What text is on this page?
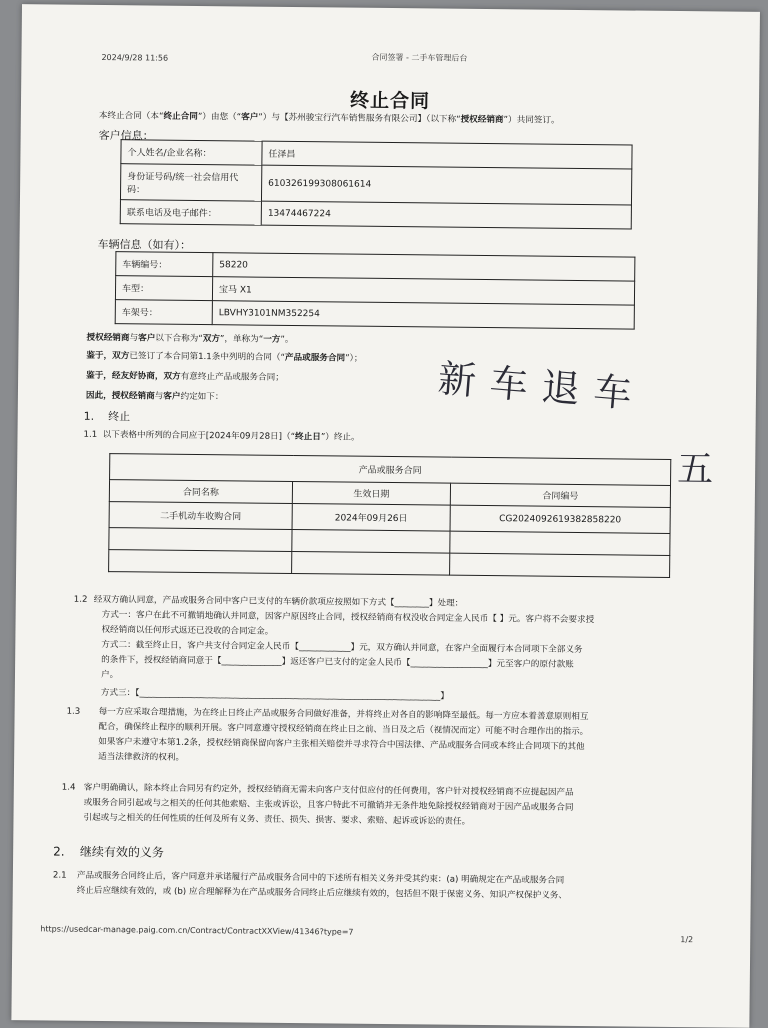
2024/9/28 11:56	合同签署 - 二手车管理后台
终止合同
本终止合同（本“终止合同”）由您（“客户”）与【苏州骏宝行汽车销售服务有限公司】（以下称“授权经销商”）共同签订。
客户信息：
个人姓名/企业名称：	任泽昌
身份证号码/统一社会信用代码：	610326199308061614
联系电话及电子邮件：	13474467224
车辆信息（如有）：
车辆编号：	58220
车型：	宝马 X1
车架号：	LBVHY3101NM352254
授权经销商与客户以下合称为“双方”，单称为“一方”。
鉴于，双方已签订了本合同第1.1条中列明的合同（“产品或服务合同”）；
鉴于，经友好协商，双方有意终止产品或服务合同；
因此，授权经销商与客户约定如下：
1. 终止
1.1 以下表格中所列的合同应于[2024年09月28日]（“终止日”）终止。
产品或服务合同		
合同名称	生效日期	合同编号
二手机动车收购合同	2024年09月26日	CG20240926193828582​20

1.2 经双方确认同意，产品或服务合同中客户已支付的车辆价款项应按照如下方式【________】处理：
方式一：客户在此不可撤销地确认并同意，因客户原因终止合同，授权经销商有权没收合同定金人民币【 】元。客户将不会要求授
权经销商以任何形式返还已没收的合同定金。
方式二：截至终止日，客户共支付合同定金人民币【____________】元，双方确认并同意，在客户全面履行本合同项下全部义务
的条件下，授权经销商同意于【______________】返还客户已支付的定金人民币【__________________】元至客户的原付款账
户。
方式三：【______________________________________________________________________】
1.3 每一方应采取合理措施，为在终止日终止产品或服务合同做好准备，并将终止对各自的影响降至最低。每一方应本着善意原则相互
配合，确保终止程序的顺利开展。客户同意遵守授权经销商在终止日之前、当日及之后（视情况而定）可能不时合理作出的指示。
如果客户未遵守本第1.2条，授权经销商保留向客户主张相关赔偿并寻求符合中国法律、产品或服务合同或本终止合同项下的其他
适当法律救济的权利。
1.4 客户明确确认，除本终止合同另有约定外，授权经销商无需未向客户支付但应付的任何费用，客户针对授权经销商不应提起因产品
或服务合同引起或与之相关的任何其他索赔、主张或诉讼，且客户特此不可撤销并无条件地免除授权经销商对于因产品或服务合同
引起或与之相关的任何性质的任何及所有义务、责任、损失、损害、要求、索赔、起诉或诉讼的责任。
2. 继续有效的义务
2.1 产品或服务合同终止后，客户同意并承诺履行产品或服务合同中的下述所有相关义务并受其约束：(a) 明确规定在产品或服务合同
终止后应继续有效的，或 (b) 应合理解释为在产品或服务合同终止后应继续有效的，包括但不限于保密义务、知识产权保护义务、
https://usedcar-manage.paig.com.cn/Contract/ContractXXView/41346?type=7
1/2
新车退车
五
